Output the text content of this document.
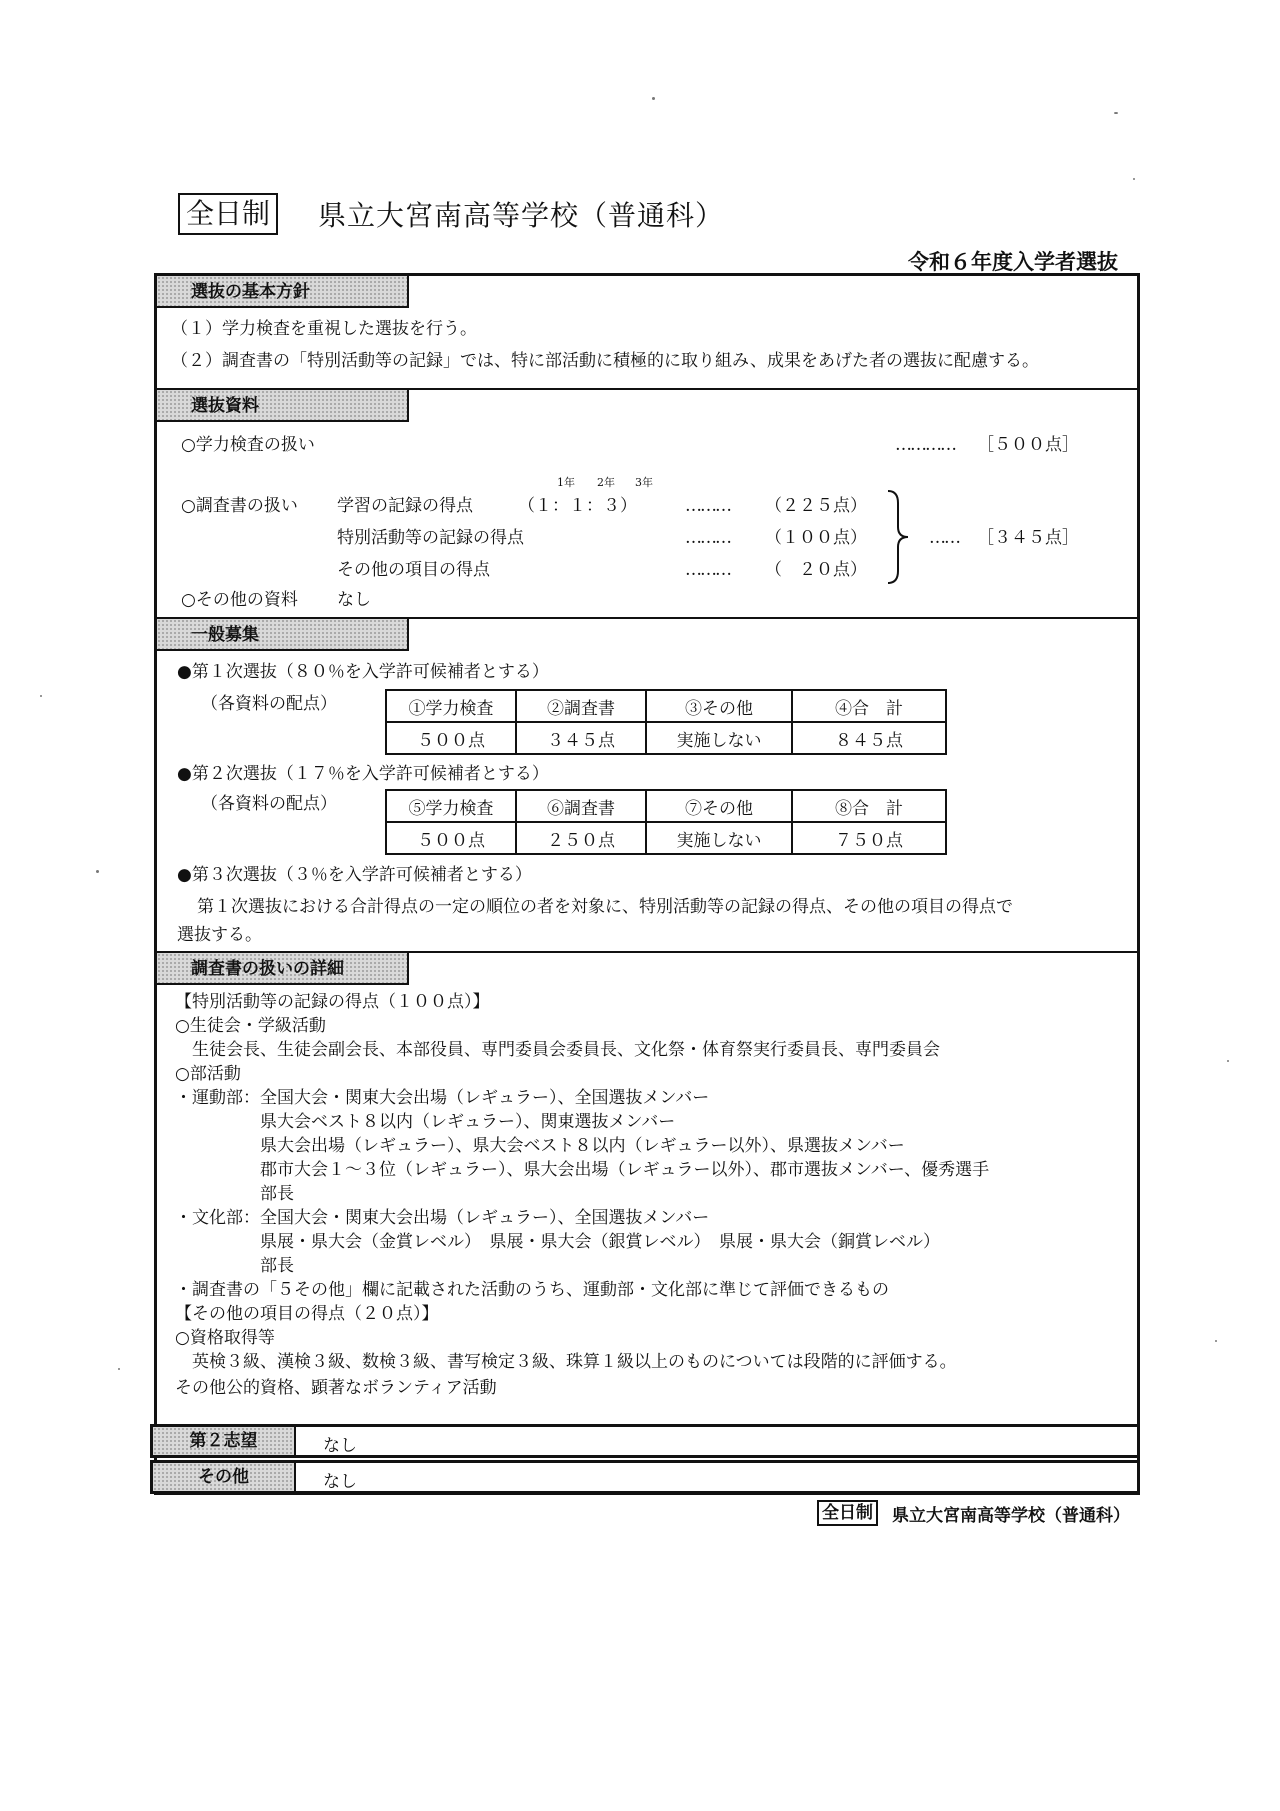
全日制 県立大宮南高等学校（普通科）
令和６年度入学者選抜
選抜の基本方針
（１）学力検査を重視した選抜を行う。
（２）調査書の「特別活動等の記録」では、特に部活動に積極的に取り組み、成果をあげた者の選抜に配慮する。
選抜資料
○学力検査の扱い	………… ［５００点］
1年 2年 3年
○調査書の扱い 学習の記録の得点	（１：１：３）	……… （２２５点）
特別活動等の記録の得点	……… （１００点）
その他の項目の得点	……… （　２０点）
…… ［３４５点］
○その他の資料 なし
一般募集
●第１次選抜（８０％を入学許可候補者とする）
（各資料の配点）	①学力検査	②調査書	③その他	④合　計
５００点	３４５点	実施しない	８４５点
●第２次選抜（１７％を入学許可候補者とする）
（各資料の配点）	⑤学力検査	⑥調査書	⑦その他	⑧合　計
５００点	２５０点	実施しない	７５０点
●第３次選抜（３％を入学許可候補者とする）
第１次選抜における合計得点の一定の順位の者を対象に、特別活動等の記録の得点、その他の項目の得点で
選抜する。
調査書の扱いの詳細
【特別活動等の記録の得点（１００点）】
○生徒会・学級活動
　生徒会長、生徒会副会長、本部役員、専門委員会委員長、文化祭・体育祭実行委員長、専門委員会
○部活動
・運動部：全国大会・関東大会出場（レギュラー）、全国選抜メンバー
　　　　　県大会ベスト８以内（レギュラー）、関東選抜メンバー
　　　　　県大会出場（レギュラー）、県大会ベスト８以内（レギュラー以外）、県選抜メンバー
　　　　　郡市大会１～３位（レギュラー）、県大会出場（レギュラー以外）、郡市選抜メンバー、優秀選手
　　　　　部長
・文化部：全国大会・関東大会出場（レギュラー）、全国選抜メンバー
　　　　　県展・県大会（金賞レベル）　県展・県大会（銀賞レベル）　県展・県大会（銅賞レベル）
　　　　　部長
・調査書の「５その他」欄に記載された活動のうち、運動部・文化部に準じて評価できるもの
【その他の項目の得点（２０点）】
○資格取得等
　英検３級、漢検３級、数検３級、書写検定３級、珠算１級以上のものについては段階的に評価する。
その他公的資格、顕著なボランティア活動
第２志望	なし
その他	なし
全日制 県立大宮南高等学校（普通科）
